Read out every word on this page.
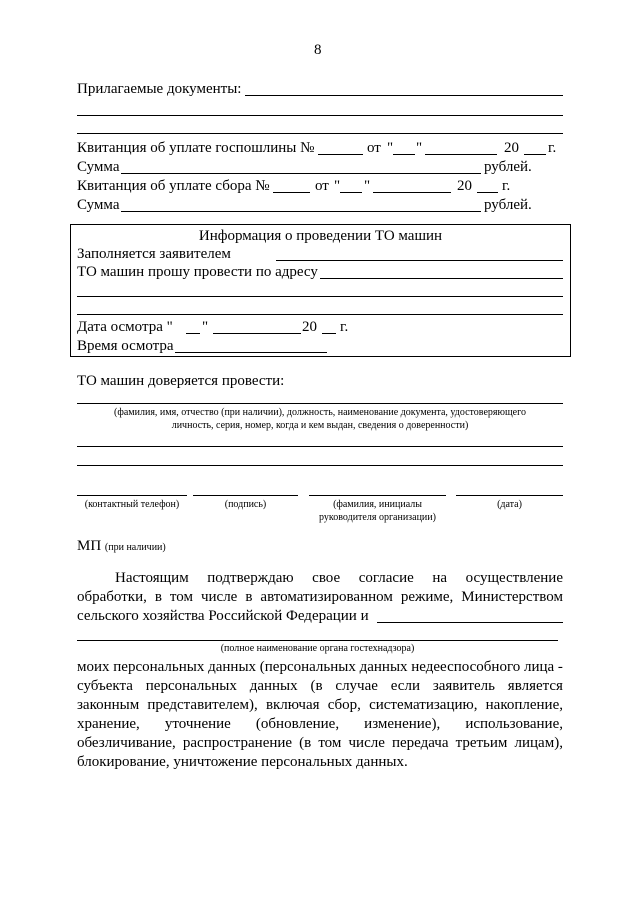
8
Прилагаемые документы:
Квитанция об уплате госпошлины №	от " "	20 г.
Сумма	рублей.
Квитанция об уплате сбора №	от " "	20 г.
Сумма	рублей.
Информация о проведении ТО машин
Заполняется заявителем
ТО машин прошу провести по адресу
Дата осмотра " "	20 г.
Время осмотра
ТО машин доверяется провести:
(фамилия, имя, отчество (при наличии), должность, наименование документа, удостоверяющего
личность, серия, номер, когда и кем выдан, сведения о доверенности)
(контактный телефон)	(подпись)	(фамилия, инициалы
руководителя организации)
(дата)
МП (при наличии)
Настоящим подтверждаю свое согласие на осуществление
обработки, в том числе в автоматизированном режиме, Министерством
сельского хозяйства Российской Федерации и
(полное наименование органа гостехнадзора)
моих персональных данных (персональных данных недееспособного лица -
субъекта персональных данных (в случае если заявитель является
законным представителем), включая сбор, систематизацию, накопление,
хранение, уточнение (обновление, изменение), использование,
обезличивание, распространение (в том числе передача третьим лицам),
блокирование, уничтожение персональных данных.
